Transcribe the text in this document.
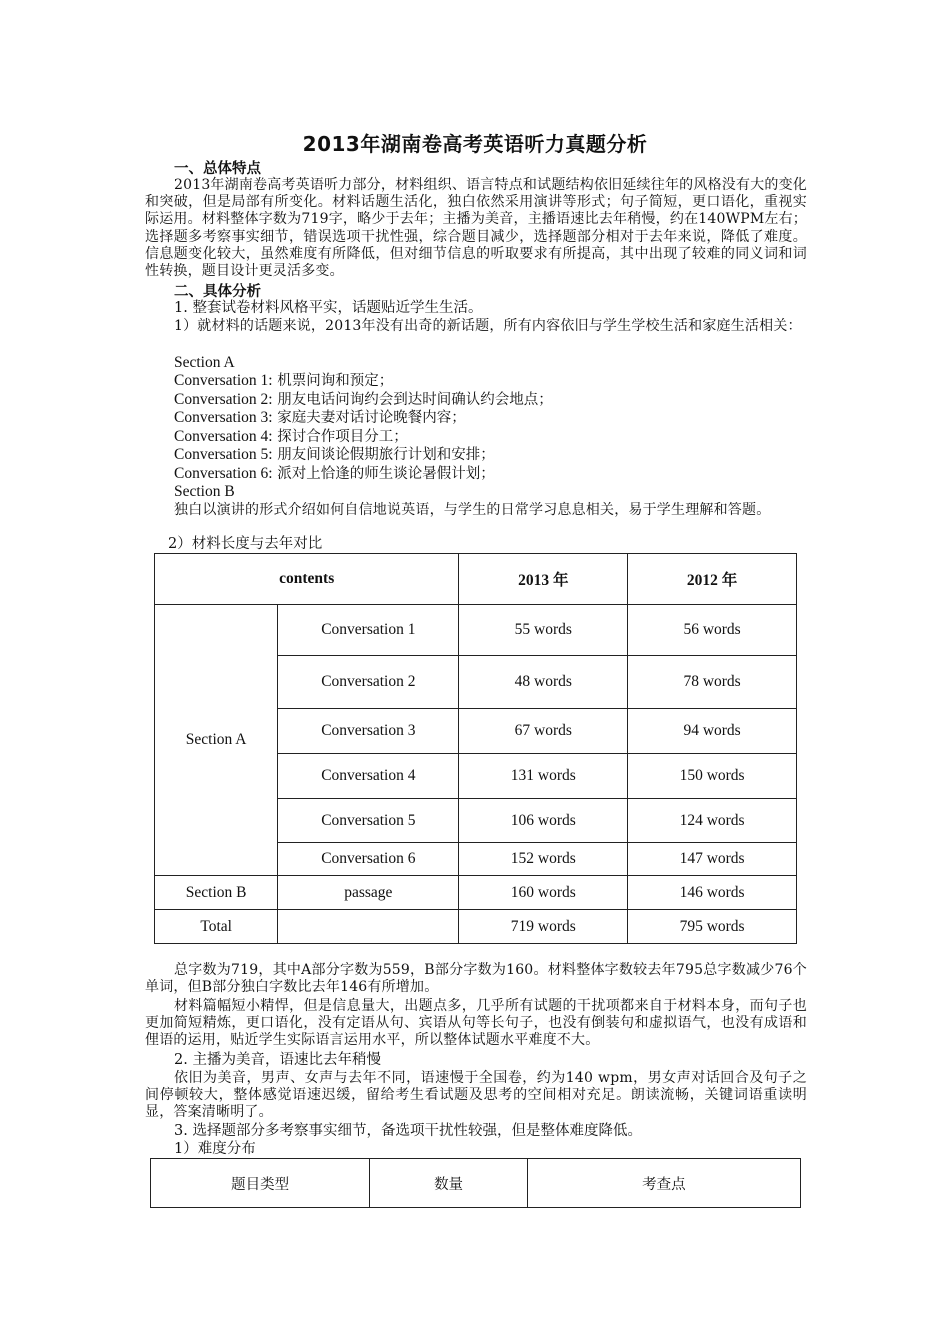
2013年湖南卷高考英语听力真题分析
一、总体特点
2013年湖南卷高考英语听力部分，材料组织、语言特点和试题结构依旧延续往年的风格没有大的变化和突破，但是局部有所变化。材料话题生活化，独白依然采用演讲等形式；句子简短，更口语化，重视实际运用。材料整体字数为719字，略少于去年；主播为美音，主播语速比去年稍慢，约在140WPM左右；选择题多考察事实细节，错误选项干扰性强，综合题目减少，选择题部分相对于去年来说，降低了难度。信息题变化较大，虽然难度有所降低，但对细节信息的听取要求有所提高，其中出现了较难的同义词和词性转换，题目设计更灵活多变。
二、具体分析
1. 整套试卷材料风格平实，话题贴近学生生活。
1）就材料的话题来说，2013年没有出奇的新话题，所有内容依旧与学生学校生活和家庭生活相关：
Section A
Conversation 1: 机票问询和预定；
Conversation 2: 朋友电话问询约会到达时间确认约会地点；
Conversation 3: 家庭夫妻对话讨论晚餐内容；
Conversation 4: 探讨合作项目分工；
Conversation 5: 朋友间谈论假期旅行计划和安排；
Conversation 6: 派对上恰逢的师生谈论暑假计划；
Section B
独白以演讲的形式介绍如何自信地说英语，与学生的日常学习息息相关，易于学生理解和答题。
2）材料长度与去年对比
contents		2013 年	2012 年
Section A	Conversation 1	55 words	56 words
	Conversation 2	48 words	78 words
	Conversation 3	67 words	94 words
	Conversation 4	131 words	150 words
	Conversation 5	106 words	124 words
	Conversation 6	152 words	147 words
Section B	passage	160 words	146 words
Total		719 words	795 words
总字数为719，其中A部分字数为559，B部分字数为160。材料整体字数较去年795总字数减少76个单词，但B部分独白字数比去年146有所增加。
材料篇幅短小精悍，但是信息量大，出题点多，几乎所有试题的干扰项都来自于材料本身，而句子也更加简短精炼，更口语化，没有定语从句、宾语从句等长句子，也没有倒装句和虚拟语气，也没有成语和俚语的运用，贴近学生实际语言运用水平，所以整体试题水平难度不大。
2. 主播为美音，语速比去年稍慢
依旧为美音，男声、女声与去年不同，语速慢于全国卷，约为140 wpm，男女声对话回合及句子之间停顿较大，整体感觉语速迟缓，留给考生看试题及思考的空间相对充足。朗读流畅，关键词语重读明显，答案清晰明了。
3. 选择题部分多考察事实细节，备选项干扰性较强，但是整体难度降低。
1）难度分布
题目类型	数量	考查点
